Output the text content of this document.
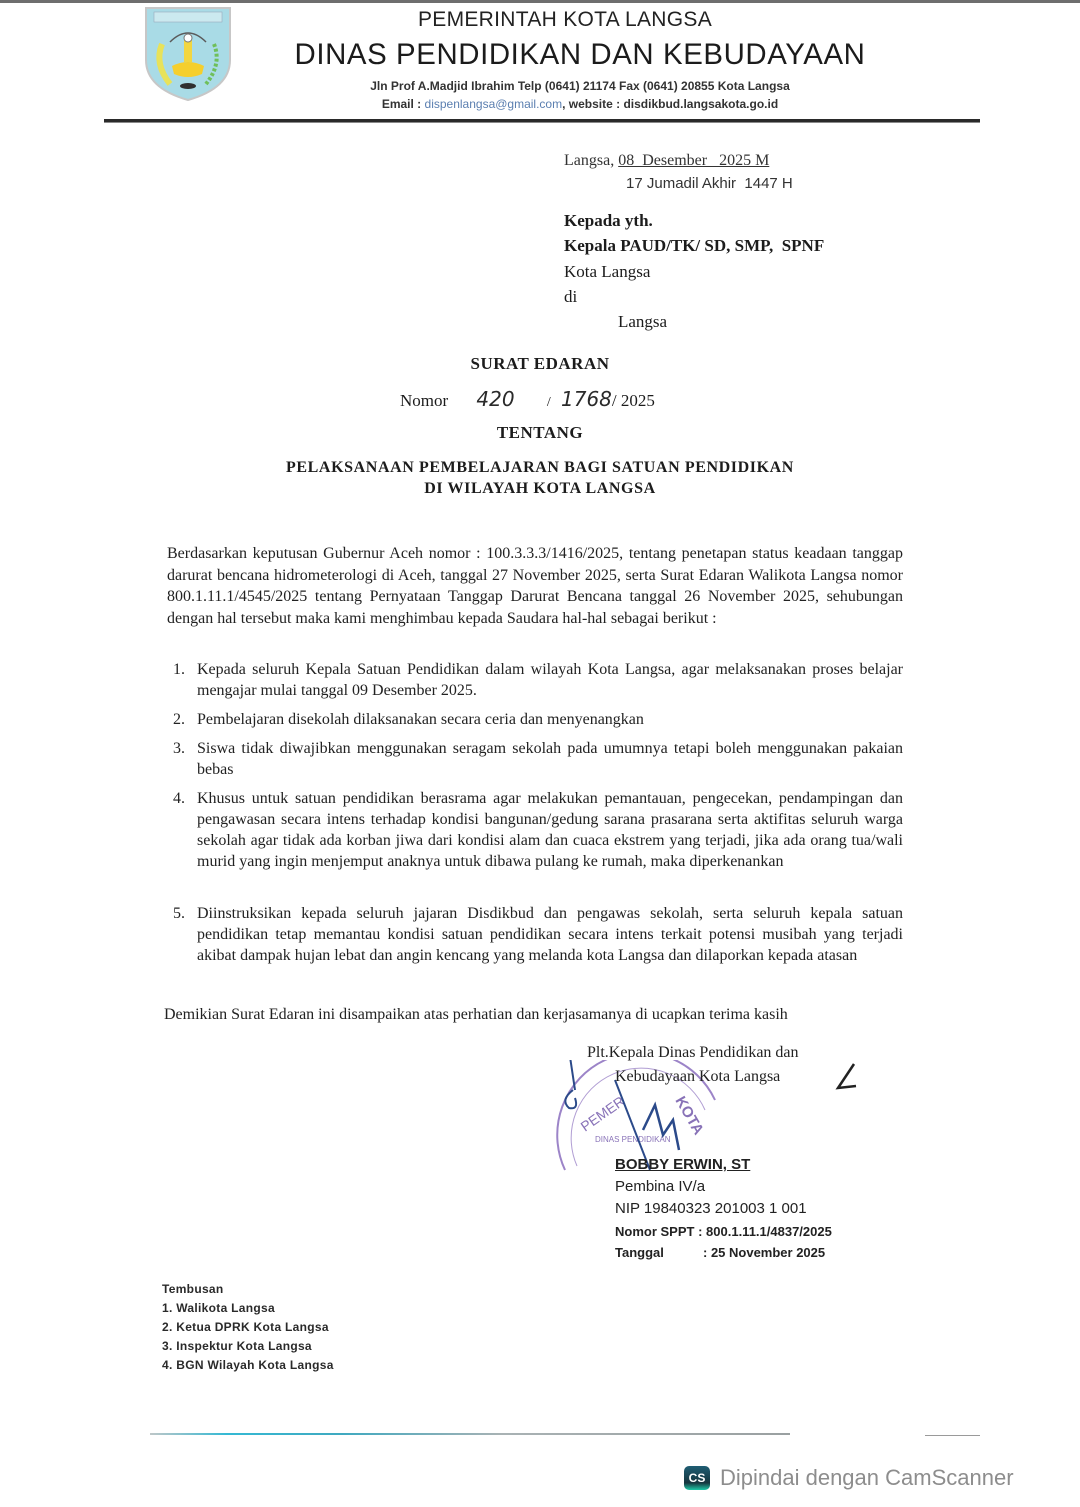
PEMERINTAH KOTA LANGSA
DINAS PENDIDIKAN DAN KEBUDAYAAN
Jln Prof A.Madjid Ibrahim Telp (0641) 21174 Fax (0641) 20855 Kota Langsa
Email : dispenlangsa@gmail.com, website : disdikbud.langsakota.go.id
Langsa, 08  Desember   2025 M
17 Jumadil Akhir  1447 H
Kepada yth.
Kepala PAUD/TK/ SD, SMP,  SPNF
Kota Langsa
di
Langsa
SURAT EDARAN
Nomor 420 / 1768/ 2025
TENTANG
PELAKSANAAN PEMBELAJARAN BAGI SATUAN PENDIDIKAN
DI WILAYAH KOTA LANGSA
Berdasarkan keputusan Gubernur Aceh nomor : 100.3.3.3/1416/2025, tentang penetapan status keadaan tanggap darurat bencana hidrometerologi di Aceh, tanggal 27 November 2025, serta Surat Edaran Walikota Langsa nomor 800.1.11.1/4545/2025 tentang Pernyataan Tanggap Darurat Bencana tanggal 26 November 2025, sehubungan dengan hal tersebut maka kami menghimbau kepada Saudara hal-hal sebagai berikut :
1. Kepada seluruh Kepala Satuan Pendidikan dalam wilayah Kota Langsa, agar melaksanakan proses belajar mengajar mulai tanggal 09 Desember 2025.
2. Pembelajaran disekolah dilaksanakan secara ceria dan menyenangkan
3. Siswa tidak diwajibkan menggunakan seragam sekolah pada umumnya tetapi boleh menggunakan pakaian bebas
4. Khusus untuk satuan pendidikan berasrama agar melakukan pemantauan, pengecekan, pendampingan dan pengawasan secara intens terhadap kondisi bangunan/gedung sarana prasarana serta aktifitas seluruh warga sekolah agar tidak ada korban jiwa dari kondisi alam dan cuaca ekstrem yang terjadi, jika ada orang tua/wali murid yang ingin menjemput anaknya untuk dibawa pulang ke rumah, maka diperkenankan
5. Diinstruksikan kepada seluruh jajaran Disdikbud dan pengawas sekolah, serta seluruh kepala satuan pendidikan tetap memantau kondisi satuan pendidikan secara intens terkait potensi musibah yang terjadi akibat dampak hujan lebat dan angin kencang yang melanda kota Langsa dan dilaporkan kepada atasan
Demikian Surat Edaran ini disampaikan atas perhatian dan kerjasamanya di ucapkan terima kasih
PEMER	KOTA
DINAS PENDIDIKAN
Plt.Kepala Dinas Pendidikan dan
Kebudayaan Kota Langsa
BOBBY ERWIN, ST
Pembina IV/a
NIP 19840323 201003 1 001
Nomor SPPT : 800.1.11.1/4837/2025
Tanggal	: 25 November 2025
Tembusan
1. Walikota Langsa
2. Ketua DPRK Kota Langsa
3. Inspektur Kota Langsa
4. BGN Wilayah Kota Langsa
CS Dipindai dengan CamScanner
